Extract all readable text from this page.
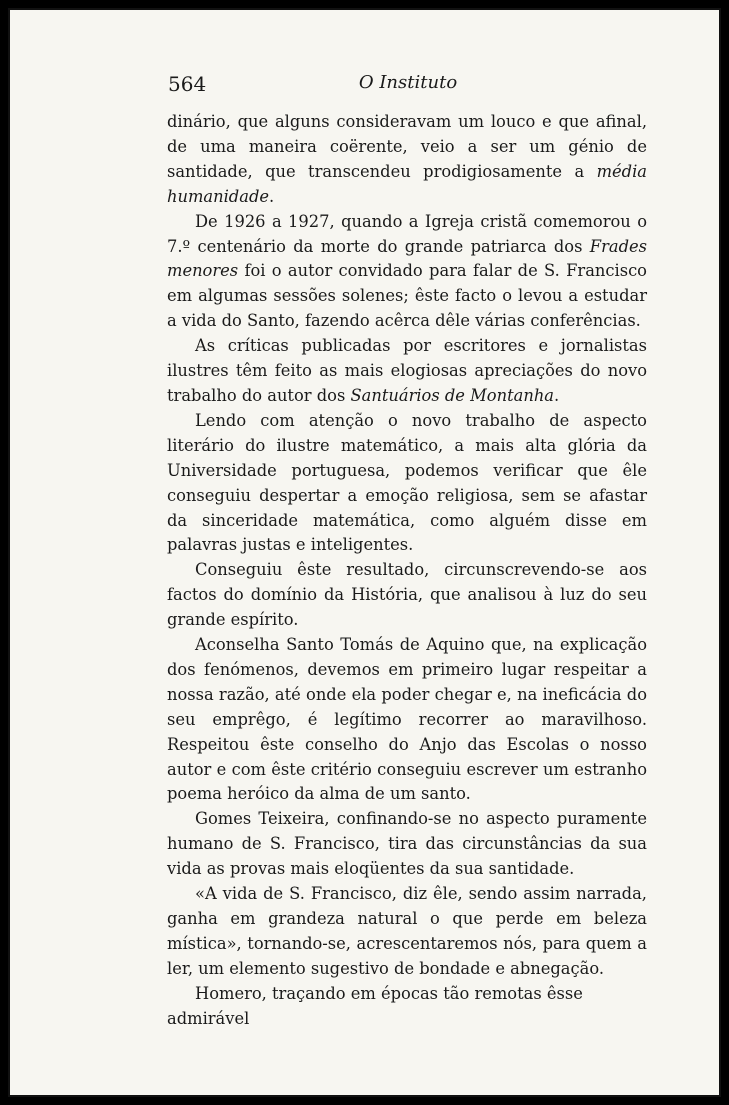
564	O Instituto

dinário, que alguns consideravam um louco e que afinal, de uma maneira coërente, veio a ser um génio de santidade, que transcendeu prodigiosamente a média humanidade.

De 1926 a 1927, quando a Igreja cristã comemorou o 7.º centenário da morte do grande patriarca dos Frades menores foi o autor convidado para falar de S. Francisco em algumas sessões solenes; êste facto o levou a estudar a vida do Santo, fazendo acêrca dêle várias conferências.

As críticas publicadas por escritores e jornalistas ilustres têm feito as mais elogiosas apreciações do novo trabalho do autor dos Santuários de Montanha.

Lendo com atenção o novo trabalho de aspecto literário do ilustre matemático, a mais alta glória da Universidade portuguesa, podemos verificar que êle conseguiu despertar a emoção religiosa, sem se afastar da sinceridade matemática, como alguém disse em palavras justas e inteligentes.

Conseguiu êste resultado, circunscrevendo-se aos factos do domínio da História, que analisou à luz do seu grande espírito.

Aconselha Santo Tomás de Aquino que, na explicação dos fenómenos, devemos em primeiro lugar respeitar a nossa razão, até onde ela poder chegar e, na ineficácia do seu emprêgo, é legítimo recorrer ao maravilhoso. Respeitou êste conselho do Anjo das Escolas o nosso autor e com êste critério conseguiu escrever um estranho poema heróico da alma de um santo.

Gomes Teixeira, confinando-se no aspecto puramente humano de S. Francisco, tira das circunstâncias da sua vida as provas mais eloqüentes da sua santidade.

«A vida de S. Francisco, diz êle, sendo assim narrada, ganha em grandeza natural o que perde em beleza mística», tornando-se, acrescentaremos nós, para quem a ler, um elemento sugestivo de bondade e abnegação.

Homero, traçando em épocas tão remotas êsse admirável
